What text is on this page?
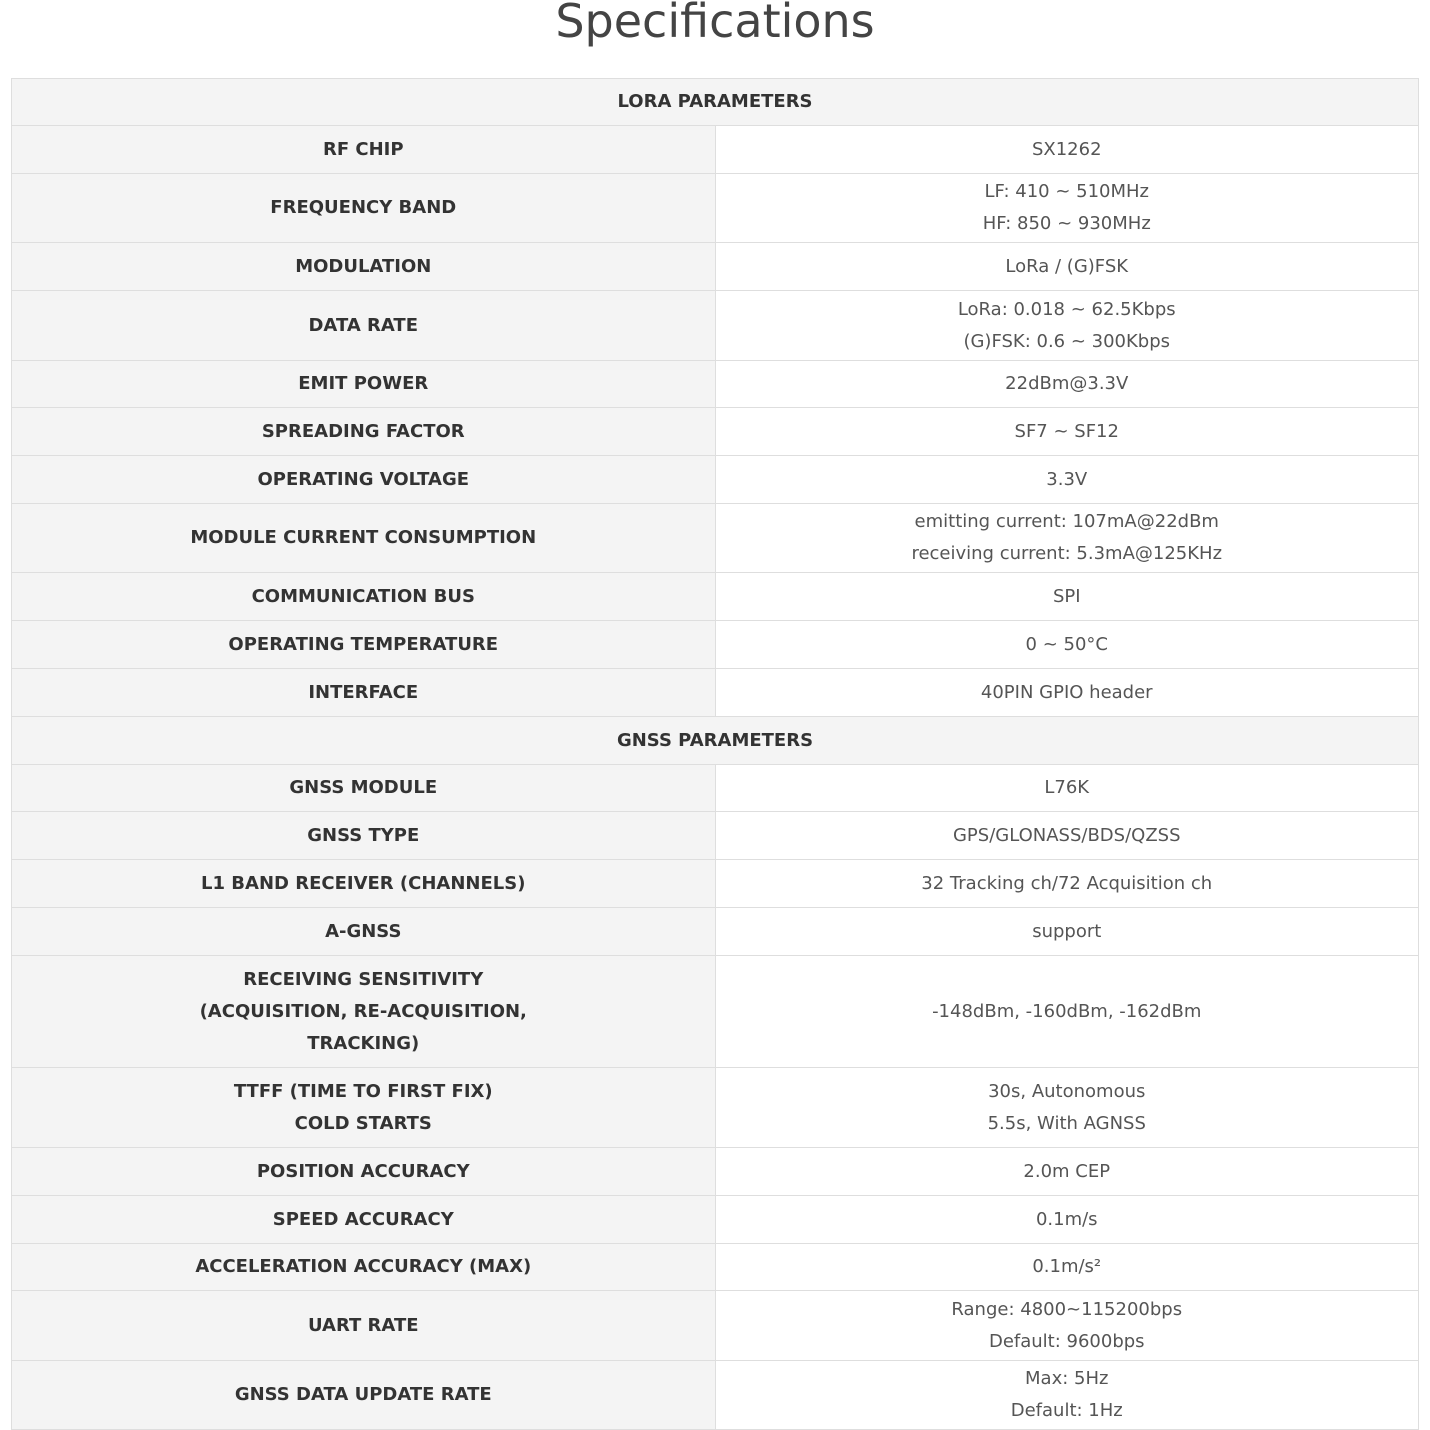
Specifications
LORA PARAMETERS	

RF CHIP	SX1262

FREQUENCY BAND	LF: 410 ~ 510MHz
HF: 850 ~ 930MHz

MODULATION	LoRa / (G)FSK

DATA RATE	LoRa: 0.018 ~ 62.5Kbps
(G)FSK: 0.6 ~ 300Kbps

EMIT POWER	22dBm@3.3V

SPREADING FACTOR	SF7 ~ SF12

OPERATING VOLTAGE	3.3V

MODULE CURRENT CONSUMPTION	emitting current: 107mA@22dBm
receiving current: 5.3mA@125KHz

COMMUNICATION BUS	SPI

OPERATING TEMPERATURE	0 ~ 50°C

INTERFACE	40PIN GPIO header

GNSS PARAMETERS	

GNSS MODULE	L76K

GNSS TYPE	GPS/GLONASS/BDS/QZSS

L1 BAND RECEIVER (CHANNELS)	32 Tracking ch/72 Acquisition ch

A-GNSS	support

RECEIVING SENSITIVITY
(ACQUISITION, RE-ACQUISITION,
TRACKING)	-148dBm, -160dBm, -162dBm

TTFF (TIME TO FIRST FIX)
COLD STARTS	30s, Autonomous
5.5s, With AGNSS

POSITION ACCURACY	2.0m CEP

SPEED ACCURACY	0.1m/s

ACCELERATION ACCURACY (MAX)	0.1m/s²

UART RATE	Range: 4800~115200bps
Default: 9600bps

GNSS DATA UPDATE RATE	Max: 5Hz
Default: 1Hz
